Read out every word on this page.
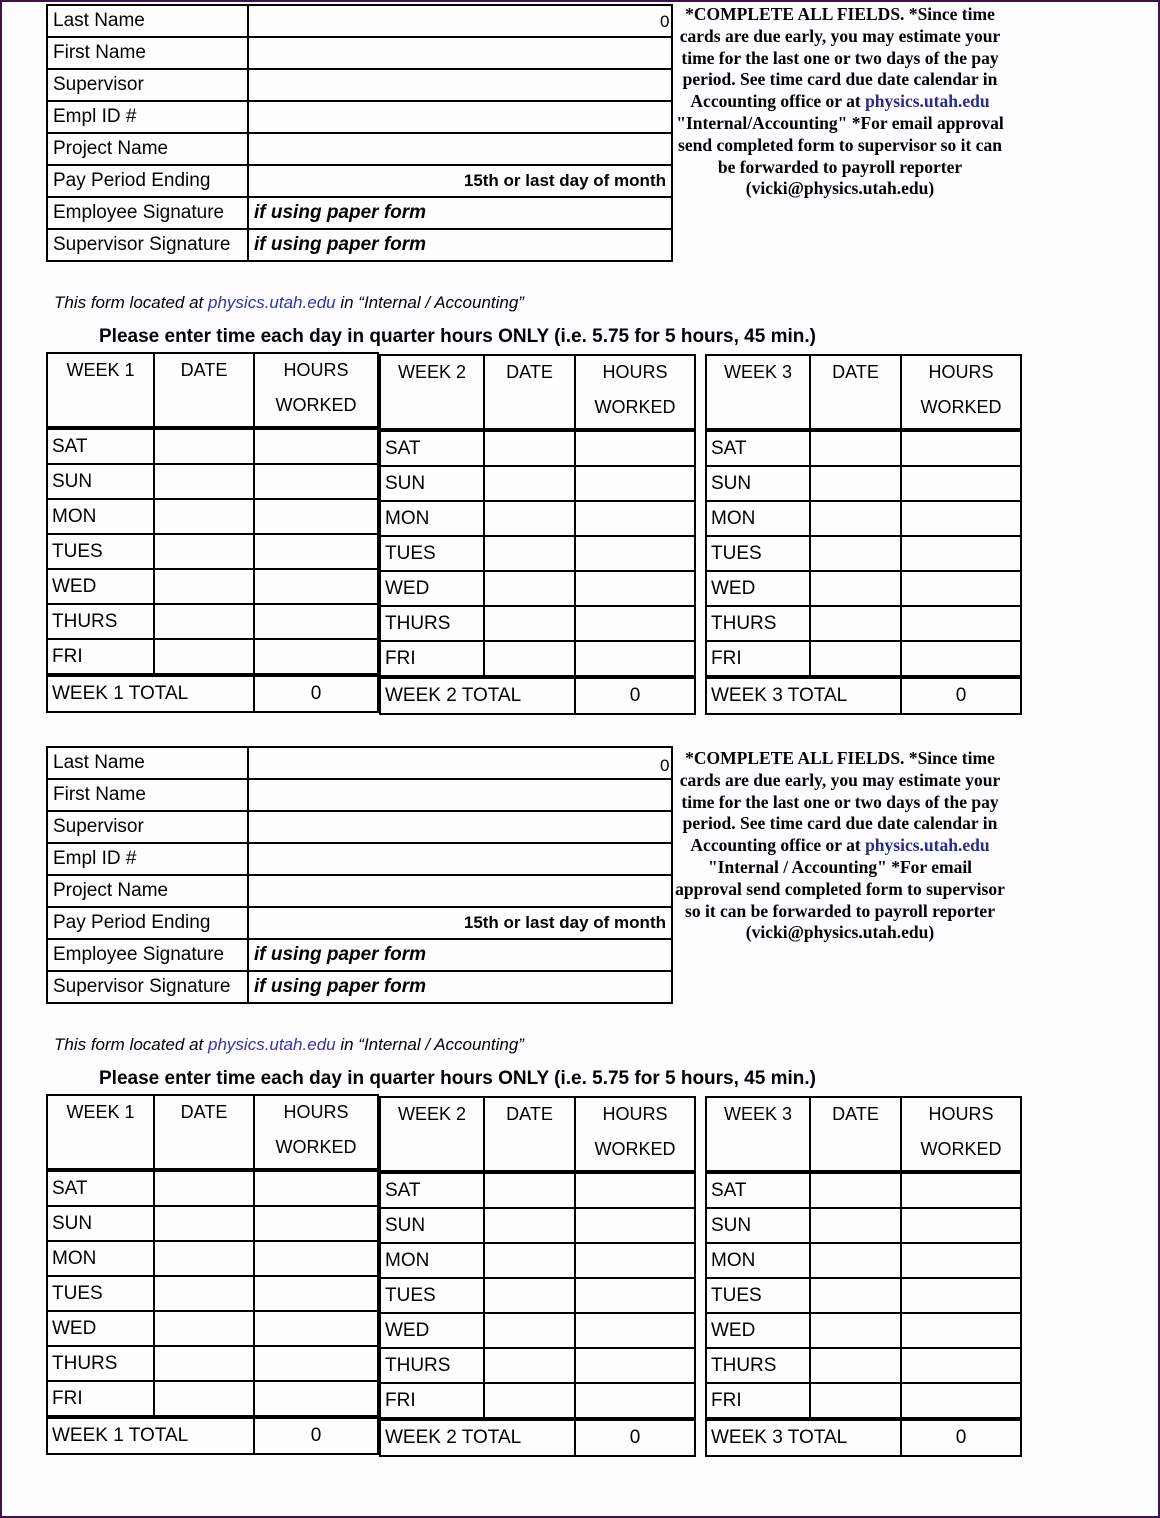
Last Name	
First Name	
Supervisor	
Empl ID #	
Project Name	
Pay Period Ending	15th or last day of month
Employee Signature	if using paper form
Supervisor Signature	if using paper form
0 *COMPLETE ALL FIELDS. *Since time cards are due early, you may estimate your time for the last one or two days of the pay period. See time card due date calendar in Accounting office or at physics.utah.edu "Internal/Accounting" *For email approval send completed form to supervisor so it can be forwarded to payroll reporter (vicki@physics.utah.edu)
This form located at physics.utah.edu in “Internal / Accounting”
Please enter time each day in quarter hours ONLY (i.e. 5.75 for 5 hours, 45 min.)
WEEK 1	DATE	HOURS
WORKED

SAT		
SUN		
MON		
TUES		
WED		
THURS		
FRI		
WEEK 1 TOTAL		0
WEEK 2	DATE	HOURS
WORKED

SAT		
SUN		
MON		
TUES		
WED		
THURS		
FRI		
WEEK 2 TOTAL		0
WEEK 3	DATE	HOURS
WORKED

SAT		
SUN		
MON		
TUES		
WED		
THURS		
FRI		
WEEK 3 TOTAL		0
Last Name	
First Name	
Supervisor	
Empl ID #	
Project Name	
Pay Period Ending	15th or last day of month
Employee Signature	if using paper form
Supervisor Signature	if using paper form
0 *COMPLETE ALL FIELDS. *Since time cards are due early, you may estimate your time for the last one or two days of the pay period. See time card due date calendar in Accounting office or at physics.utah.edu "Internal / Accounting" *For email approval send completed form to supervisor so it can be forwarded to payroll reporter (vicki@physics.utah.edu)
This form located at physics.utah.edu in “Internal / Accounting”
Please enter time each day in quarter hours ONLY (i.e. 5.75 for 5 hours, 45 min.)
WEEK 1	DATE	HOURS
WORKED

SAT		
SUN		
MON		
TUES		
WED		
THURS		
FRI		
WEEK 1 TOTAL		0
WEEK 2	DATE	HOURS
WORKED

SAT		
SUN		
MON		
TUES		
WED		
THURS		
FRI		
WEEK 2 TOTAL		0
WEEK 3	DATE	HOURS
WORKED

SAT		
SUN		
MON		
TUES		
WED		
THURS		
FRI		
WEEK 3 TOTAL		0
